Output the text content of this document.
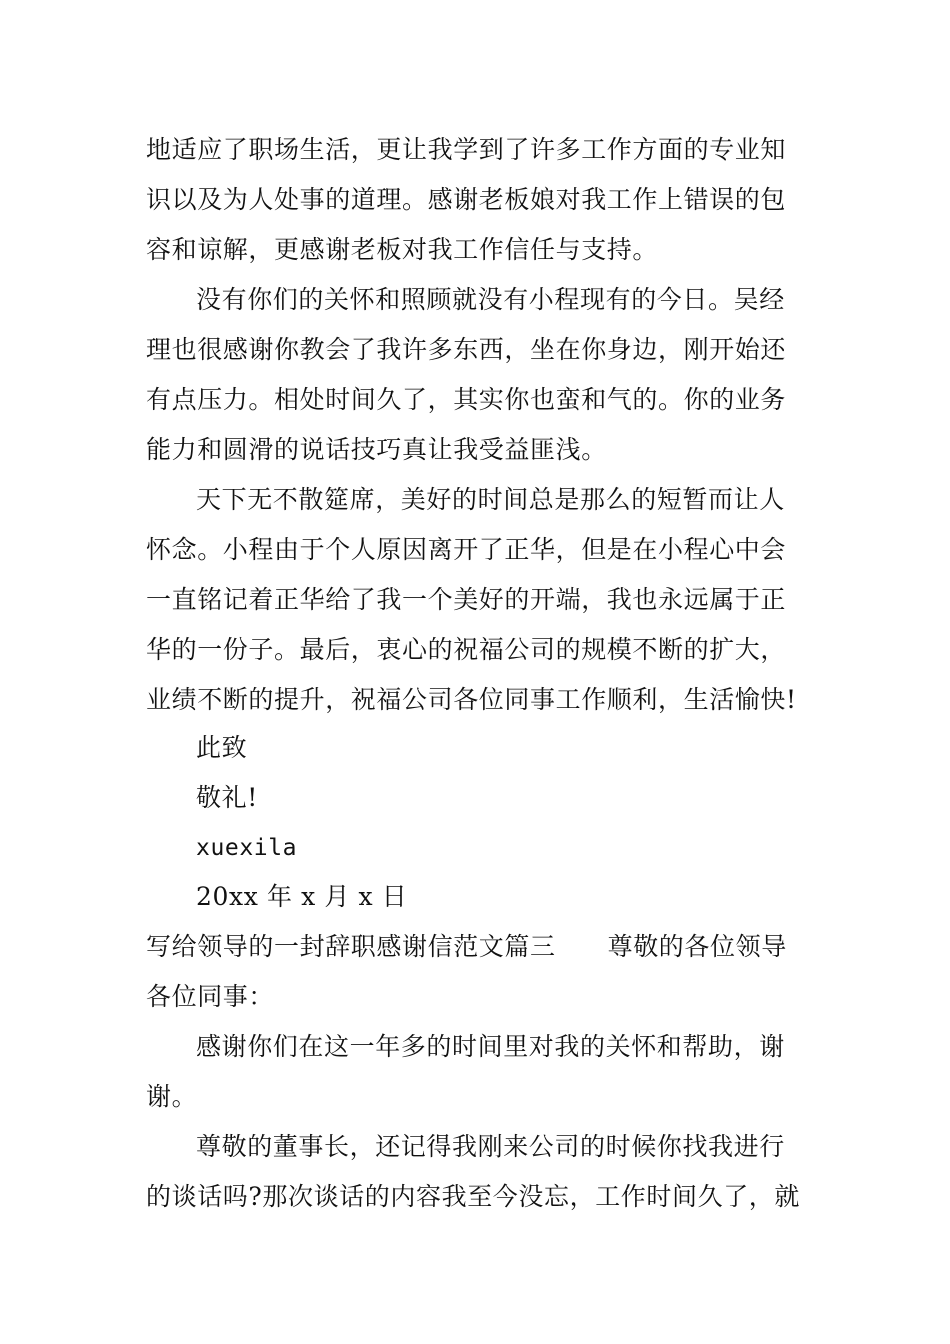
地适应了职场生活，更让我学到了许多工作方面的专业知
识以及为人处事的道理。感谢老板娘对我工作上错误的包
容和谅解，更感谢老板对我工作信任与支持。
没有你们的关怀和照顾就没有小程现有的今日。吴经
理也很感谢你教会了我许多东西，坐在你身边，刚开始还
有点压力。相处时间久了，其实你也蛮和气的。你的业务
能力和圆滑的说话技巧真让我受益匪浅。
天下无不散筵席，美好的时间总是那么的短暂而让人
怀念。小程由于个人原因离开了正华，但是在小程心中会
一直铭记着正华给了我一个美好的开端，我也永远属于正
华的一份子。最后，衷心的祝福公司的规模不断的扩大，
业绩不断的提升，祝福公司各位同事工作顺利，生活愉快!
此致
敬礼!
xuexila
20xx 年 x 月 x 日
写给领导的一封辞职感谢信范文篇三 尊敬的各位领导
各位同事：
感谢你们在这一年多的时间里对我的关怀和帮助，谢
谢。
尊敬的董事长，还记得我刚来公司的时候你找我进行
的谈话吗?那次谈话的内容我至今没忘，工作时间久了，就
